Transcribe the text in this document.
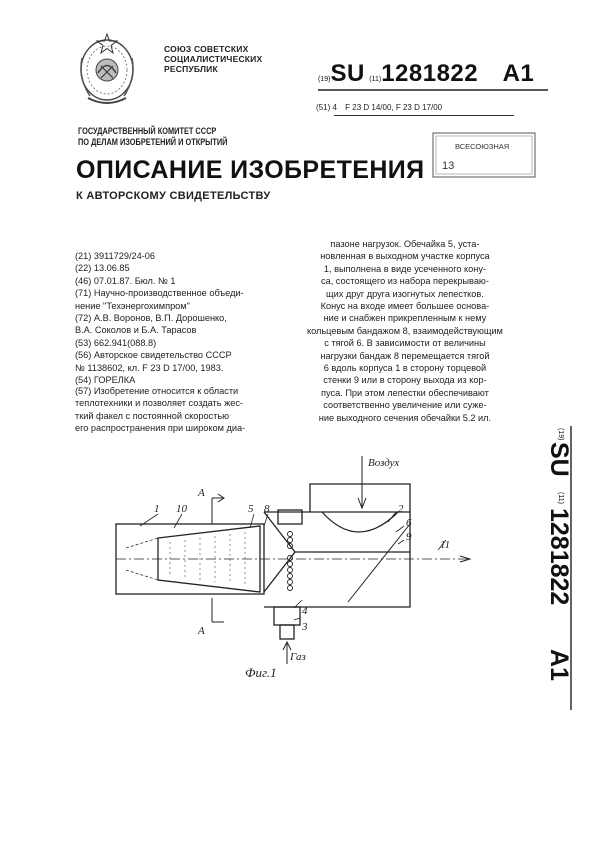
СОЮЗ СОВЕТСКИХ
СОЦИАЛИСТИЧЕСКИХ
РЕСПУБЛИК
(19)SU (11)1281822 A1
(51) 4 F 23 D 14/00, F 23 D 17/00
ГОСУДАРСТВЕННЫЙ КОМИТЕТ СССР
ПО ДЕЛАМ ИЗОБРЕТЕНИЙ И ОТКРЫТИЙ	ВСЕСОЮЗНАЯ
13
ОПИСАНИЕ ИЗОБРЕТЕНИЯ
К АВТОРСКОМУ СВИДЕТЕЛЬСТВУ
(21) 3911729/24-06
(22) 13.06.85
(46) 07.01.87. Бюл. № 1
(71) Научно-производственное объеди-
нение "Техэнергохимпром"
(72) А.В. Воронов, В.П. Дорошенко,
В.А. Соколов и Б.А. Тарасов
(53) 662.941(088.8)
(56) Авторское свидетельство СССР
№ 1138602, кл. F 23 D 17/00, 1983.
(54) ГОРЕЛКА
(57) Изобретение относится к области
теплотехники и позволяет создать жес-
ткий факел с постоянной скоростью
его распространения при широком диа-
пазоне нагрузок. Обечайка 5, уста-
новленная в выходном участке корпуса
1, выполнена в виде усеченного кону-
са, состоящего из набора перекрываю-
щих друг друга изогнутых лепестков.
Конус на входе имеет большее основа-
ние и снабжен прикрепленным к нему
кольцевым бандажом 8, взаимодействующим
с тягой 6. В зависимости от величины
нагрузки бандаж 8 перемещается тягой
6 вдоль корпуса 1 в сторону торцевой
стенки 9 или в сторону выхода из кор-
пуса. При этом лепестки обеспечивают
соответственно увеличение или суже-
ние выходного сечения обечайки 5.2 ил.
(19)
SU
(11)
1281822
A1
Воздух
Газ
Фиг.1
А
А
1 10	5 8	2
6
9
11
4
3
